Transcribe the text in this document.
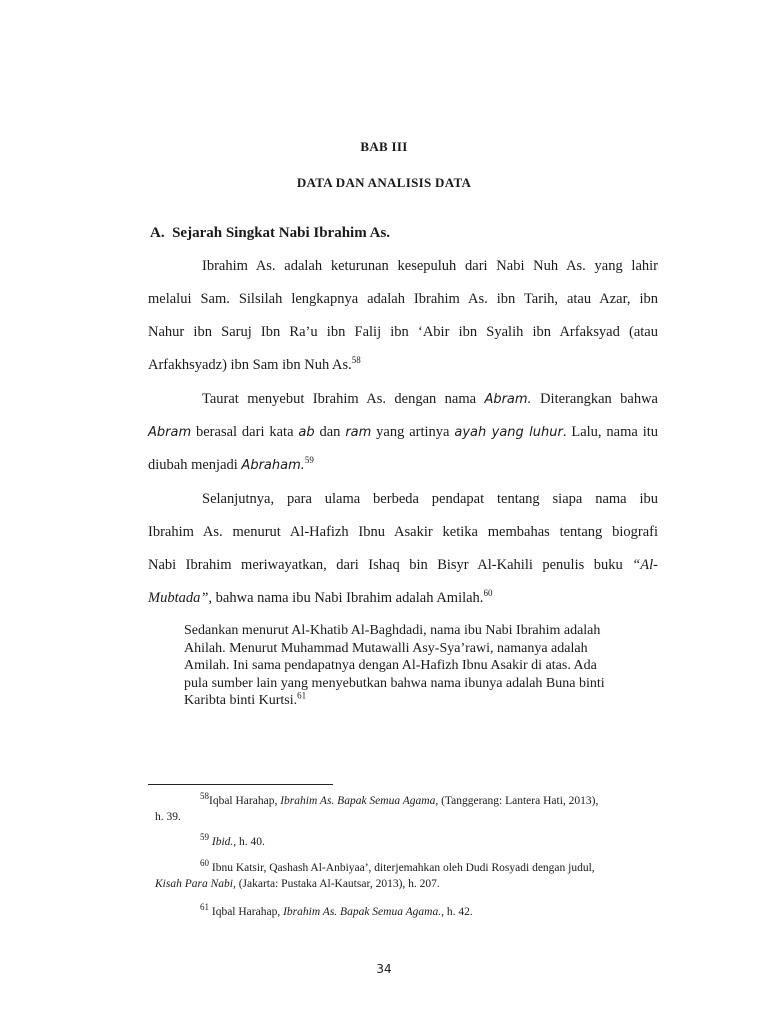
BAB III
DATA DAN ANALISIS DATA
A. Sejarah Singkat Nabi Ibrahim As.
Ibrahim As. adalah keturunan kesepuluh dari Nabi Nuh As. yang lahir
melalui Sam. Silsilah lengkapnya adalah Ibrahim As. ibn Tarih, atau Azar, ibn
Nahur ibn Saruj Ibn Ra’u ibn Falij ibn ‘Abir ibn Syalih ibn Arfaksyad (atau
Arfakhsyadz) ibn Sam ibn Nuh As.$^{58}$
Taurat menyebut Ibrahim As. dengan nama Abram. Diterangkan bahwa
Abram berasal dari kata ab dan ram yang artinya ayah yang luhur. Lalu, nama itu
diubah menjadi Abraham.$^{59}$
Selanjutnya, para ulama berbeda pendapat tentang siapa nama ibu
Ibrahim As. menurut Al-Hafizh Ibnu Asakir ketika membahas tentang biografi
Nabi Ibrahim meriwayatkan, dari Ishaq bin Bisyr Al-Kahili penulis buku “Al-
Mubtada”, bahwa nama ibu Nabi Ibrahim adalah Amilah.$^{60}$
Sedankan menurut Al-Khatib Al-Baghdadi, nama ibu Nabi Ibrahim adalah
Ahilah. Menurut Muhammad Mutawalli Asy-Sya’rawi, namanya adalah
Amilah. Ini sama pendapatnya dengan Al-Hafizh Ibnu Asakir di atas. Ada
pula sumber lain yang menyebutkan bahwa nama ibunya adalah Buna binti
Karibta binti Kurtsi.$^{61}$
$^{58}$Iqbal Harahap, Ibrahim As. Bapak Semua Agama, (Tanggerang: Lantera Hati, 2013),
h. 39.
$^{59}$ Ibid., h. 40.
$^{60}$ Ibnu Katsir, Qashash Al-Anbiyaa’, diterjemahkan oleh Dudi Rosyadi dengan judul,
Kisah Para Nabi, (Jakarta: Pustaka Al-Kautsar, 2013), h. 207.
$^{61}$ Iqbal Harahap, Ibrahim As. Bapak Semua Agama., h. 42.
34
